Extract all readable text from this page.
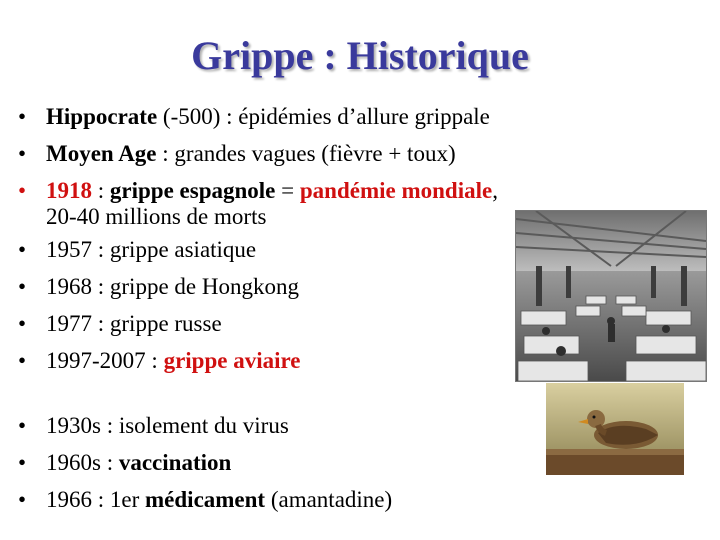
Grippe : Historique
• Hippocrate (-500) : épidémies d’allure grippale
• Moyen Age : grandes vagues (fièvre + toux)
• 1918 : grippe espagnole = pandémie mondiale,
20-40 millions de morts
• 1957 : grippe asiatique
• 1968 : grippe de Hongkong
• 1977 : grippe russe
• 1997-2007 : grippe aviaire
• 1930s : isolement du virus
• 1960s : vaccination
• 1966 : 1er médicament (amantadine)
